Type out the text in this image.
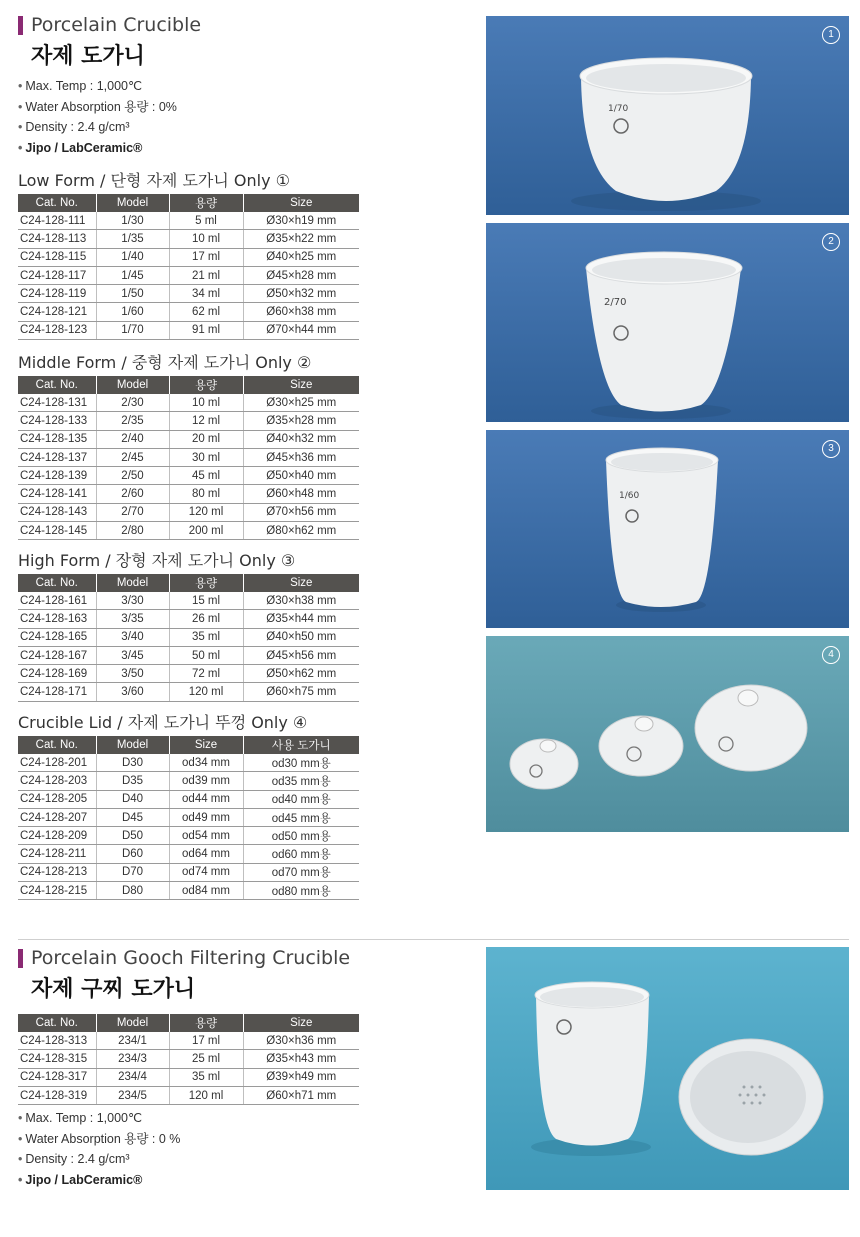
Porcelain Crucible
자제 도가니
• Max. Temp : 1,000℃
• Water Absorption 용량 : 0%
• Density : 2.4 g/cm³
• Jipo / LabCeramic®
Low Form / 단형 자제 도가니 Only ①
Cat. No.	Model	용량	Size
C24-128-111	1/30	5 ml	Ø30×h19 mm
C24-128-113	1/35	10 ml	Ø35×h22 mm
C24-128-115	1/40	17 ml	Ø40×h25 mm
C24-128-117	1/45	21 ml	Ø45×h28 mm
C24-128-119	1/50	34 ml	Ø50×h32 mm
C24-128-121	1/60	62 ml	Ø60×h38 mm
C24-128-123	1/70	91 ml	Ø70×h44 mm
Middle Form / 중형 자제 도가니 Only ②
Cat. No.	Model	용량	Size
C24-128-131	2/30	10 ml	Ø30×h25 mm
C24-128-133	2/35	12 ml	Ø35×h28 mm
C24-128-135	2/40	20 ml	Ø40×h32 mm
C24-128-137	2/45	30 ml	Ø45×h36 mm
C24-128-139	2/50	45 ml	Ø50×h40 mm
C24-128-141	2/60	80 ml	Ø60×h48 mm
C24-128-143	2/70	120 ml	Ø70×h56 mm
C24-128-145	2/80	200 ml	Ø80×h62 mm
High Form / 장형 자제 도가니 Only ③
Cat. No.	Model	용량	Size
C24-128-161	3/30	15 ml	Ø30×h38 mm
C24-128-163	3/35	26 ml	Ø35×h44 mm
C24-128-165	3/40	35 ml	Ø40×h50 mm
C24-128-167	3/45	50 ml	Ø45×h56 mm
C24-128-169	3/50	72 ml	Ø50×h62 mm
C24-128-171	3/60	120 ml	Ø60×h75 mm
Crucible Lid / 자제 도가니 뚜껑 Only ④
Cat. No.	Model	Size	사용 도가니
C24-128-201	D30	od34 mm	od30 mm용
C24-128-203	D35	od39 mm	od35 mm용
C24-128-205	D40	od44 mm	od40 mm용
C24-128-207	D45	od49 mm	od45 mm용
C24-128-209	D50	od54 mm	od50 mm용
C24-128-211	D60	od64 mm	od60 mm용
C24-128-213	D70	od74 mm	od70 mm용
C24-128-215	D80	od84 mm	od80 mm용
Porcelain Gooch Filtering Crucible
자제 구찌 도가니
Cat. No.	Model	용량	Size
C24-128-313	234/1	17 ml	Ø30×h36 mm
C24-128-315	234/3	25 ml	Ø35×h43 mm
C24-128-317	234/4	35 ml	Ø39×h49 mm
C24-128-319	234/5	120 ml	Ø60×h71 mm
• Max. Temp : 1,000℃
• Water Absorption 용량 : 0 %
• Density : 2.4 g/cm³
• Jipo / LabCeramic®
1/70
1
2/70
2
1/60
3
4
